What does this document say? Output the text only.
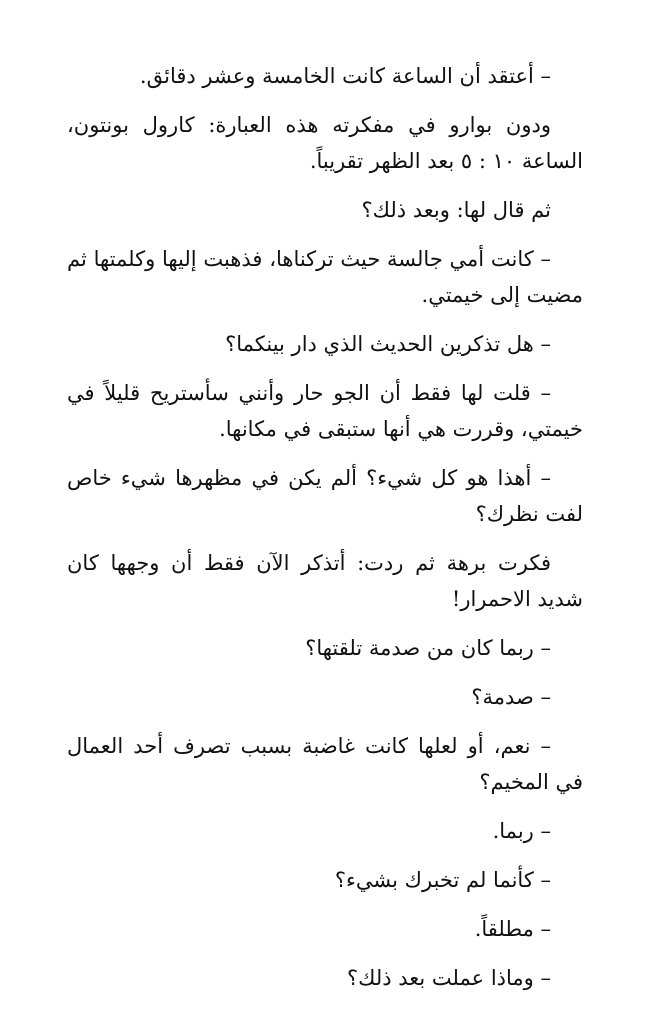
– أعتقد أن الساعة كانت الخامسة وعشر دقائق.

ودون بوارو في مفكرته هذه العبارة: كارول بونتون، الساعة ١٠ : ٥ بعد الظهر تقريباً.

ثم قال لها: وبعد ذلك؟

– كانت أمي جالسة حيث تركناها، فذهبت إليها وكلمتها ثم مضيت إلى خيمتي.

– هل تذكرين الحديث الذي دار بينكما؟

– قلت لها فقط أن الجو حار وأنني سأستريح قليلاً في خيمتي، وقررت هي أنها ستبقى في مكانها.

– أهذا هو كل شيء؟ ألم يكن في مظهرها شيء خاص لفت نظرك؟

فكرت برهة ثم ردت: أتذكر الآن فقط أن وجهها كان شديد الاحمرار!

– ربما كان من صدمة تلقتها؟

– صدمة؟

– نعم، أو لعلها كانت غاضبة بسبب تصرف أحد العمال في المخيم؟

– ربما.

– كأنما لم تخبرك بشيء؟

– مطلقاً.

– وماذا عملت بعد ذلك؟
